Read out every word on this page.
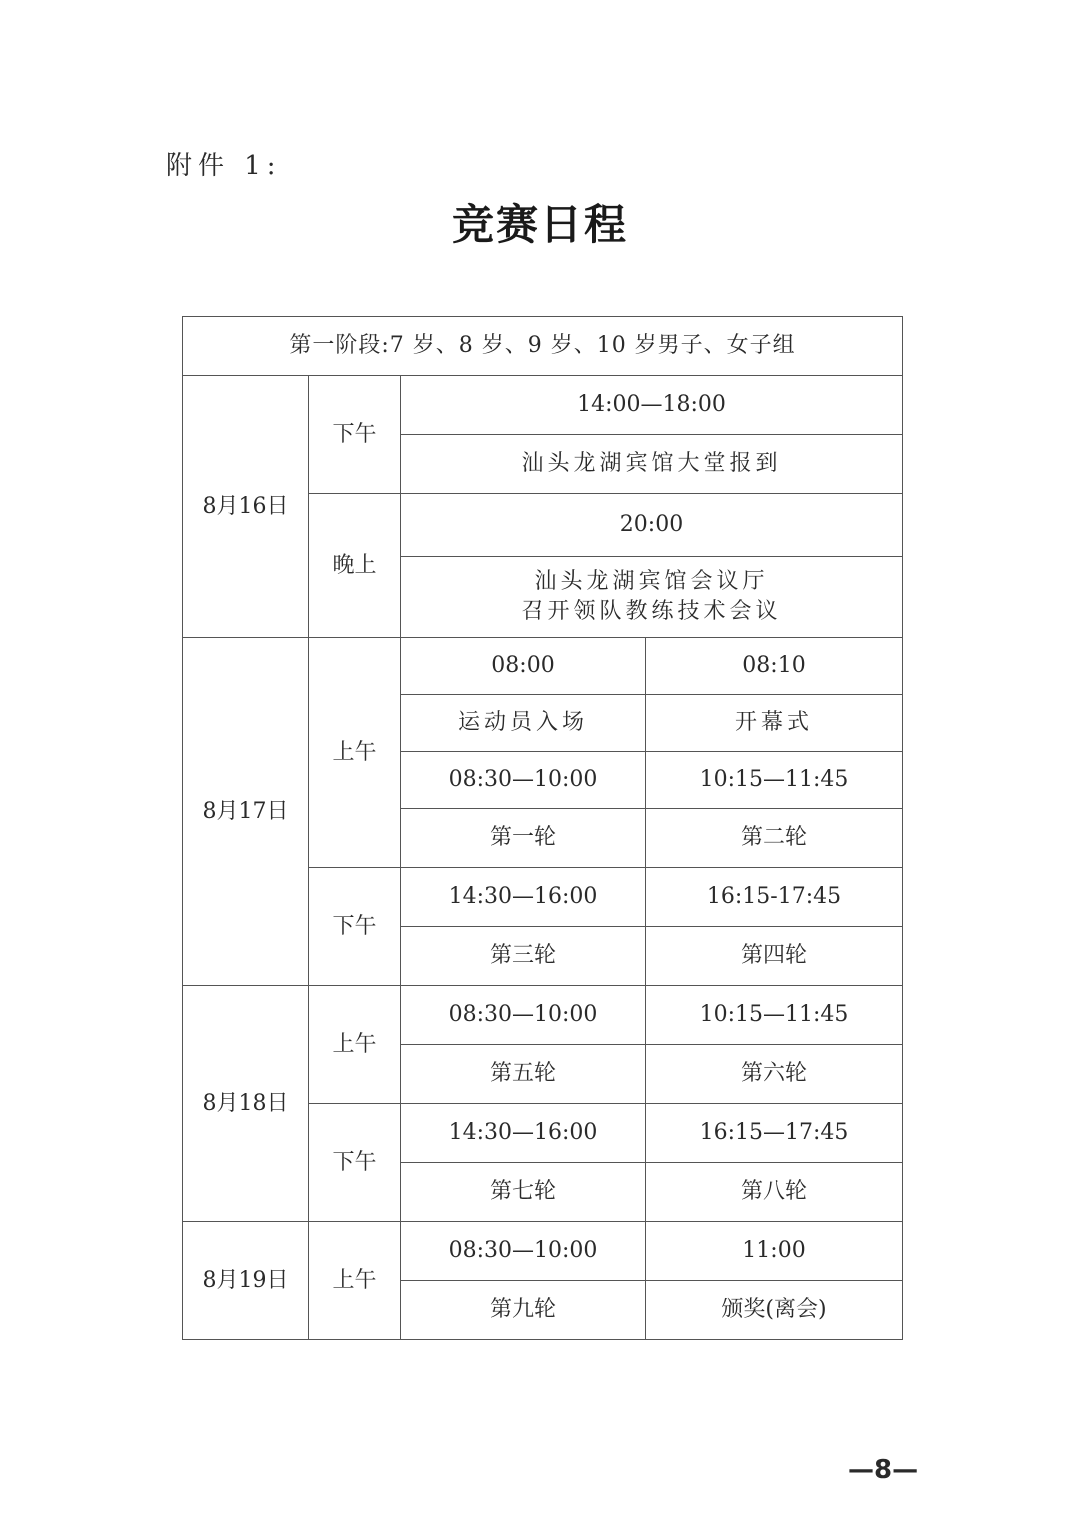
附件 1:
竞赛日程
第一阶段:7 岁、8 岁、9 岁、10 岁男子、女子组			
8月16日	下午	14:00—18:00	
		汕头龙湖宾馆大堂报到	
	晚上	20:00	

		汕头龙湖宾馆会议厅
召开领队教练技术会议	

8月17日	上午	08:00	08:10
		运动员入场	开幕式
		08:30—10:00	10:15—11:45
		第一轮	第二轮
	下午	14:30—16:00	16:15-17:45
		第三轮	第四轮
8月18日	上午	08:30—10:00	10:15—11:45
		第五轮	第六轮
	下午	14:30—16:00	16:15—17:45
		第七轮	第八轮
8月19日	上午	08:30—10:00	11:00
		第九轮	颁奖(离会)
—8—
